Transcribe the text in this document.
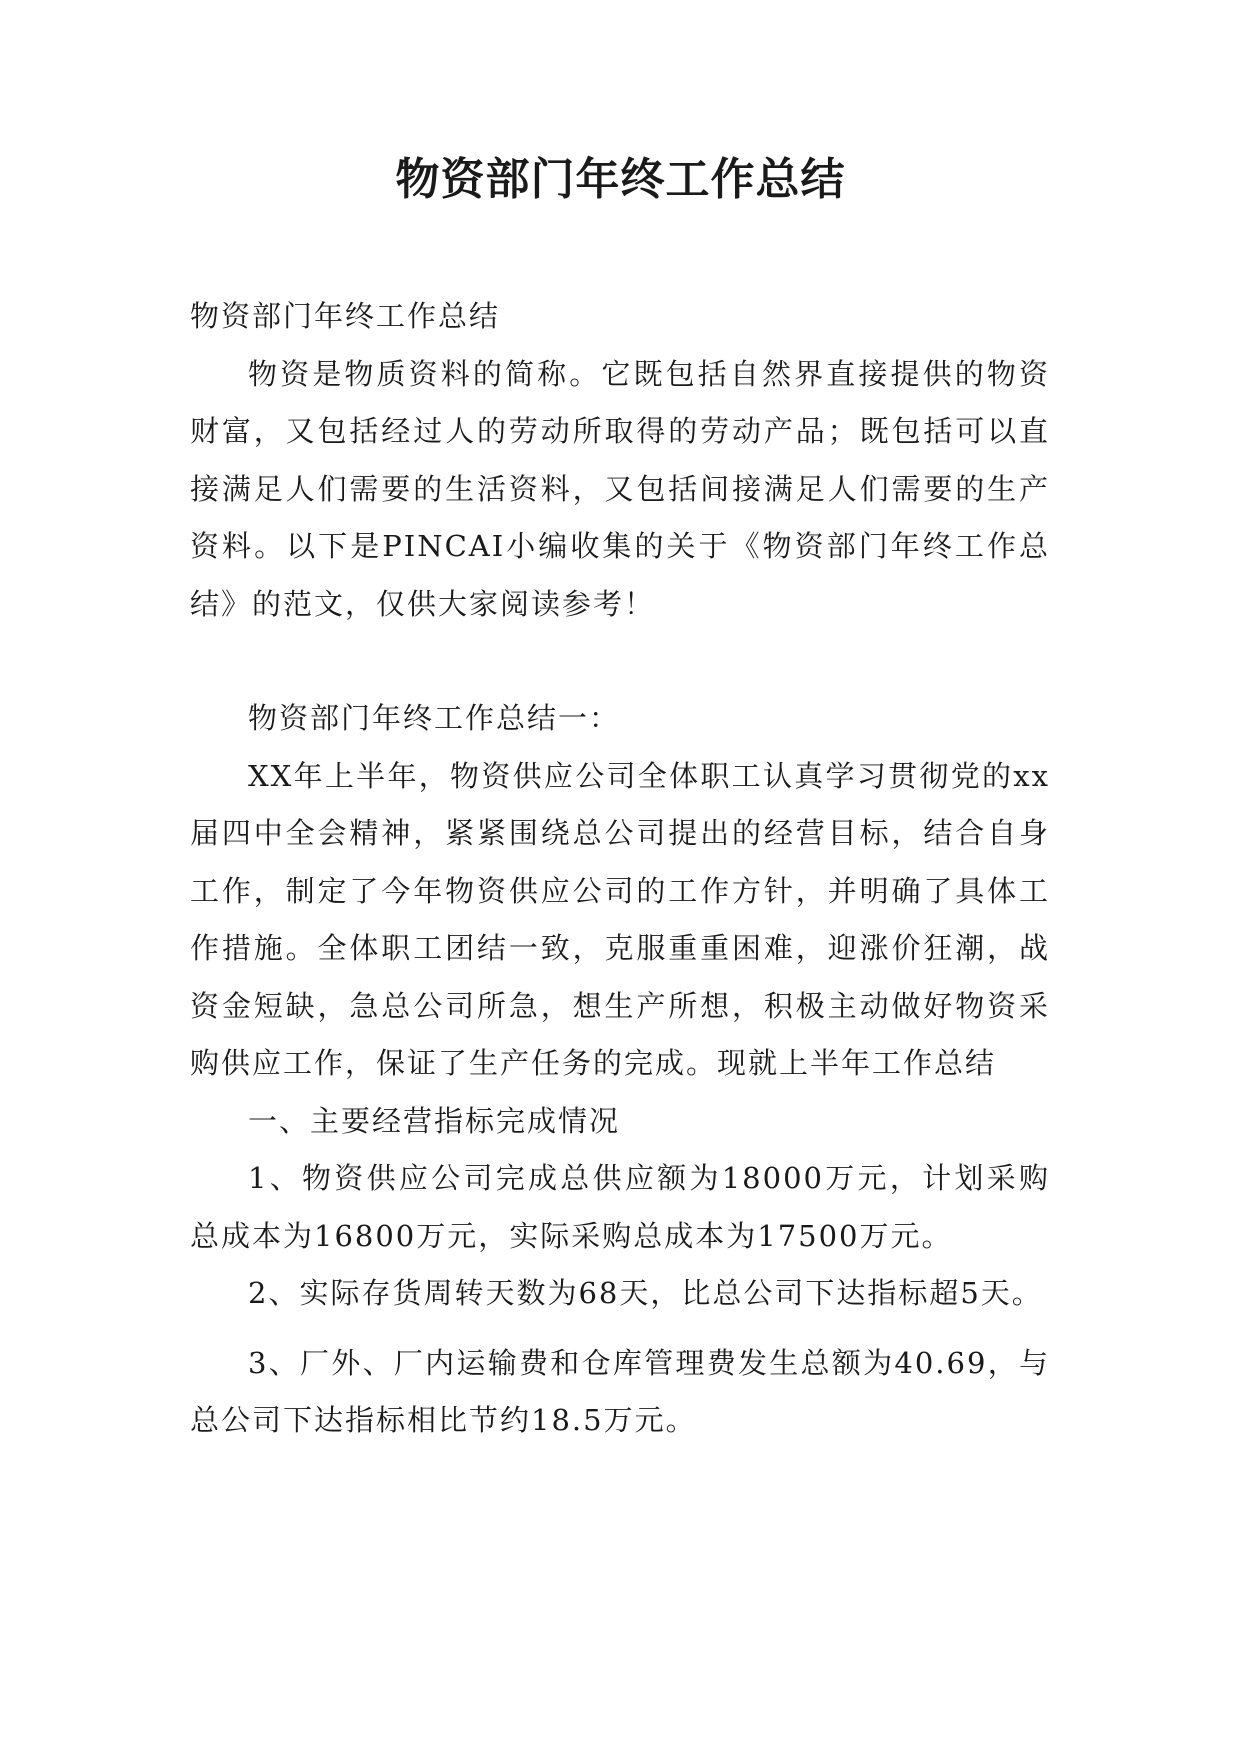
物资部门年终工作总结

物资部门年终工作总结

物资是物质资料的简称。它既包括自然界直接提供的物资财富，又包括经过人的劳动所取得的劳动产品；既包括可以直接满足人们需要的生活资料，又包括间接满足人们需要的生产资料。以下是PINCAI小编收集的关于《物资部门年终工作总结》的范文，仅供大家阅读参考！

物资部门年终工作总结一：

XX年上半年，物资供应公司全体职工认真学习贯彻党的xx届四中全会精神，紧紧围绕总公司提出的经营目标，结合自身工作，制定了今年物资供应公司的工作方针，并明确了具体工作措施。全体职工团结一致，克服重重困难，迎涨价狂潮，战资金短缺，急总公司所急，想生产所想，积极主动做好物资采购供应工作，保证了生产任务的完成。现就上半年工作总结

一、主要经营指标完成情况

1、物资供应公司完成总供应额为18000万元，计划采购总成本为16800万元，实际采购总成本为17500万元。

2、实际存货周转天数为68天，比总公司下达指标超5天。

3、厂外、厂内运输费和仓库管理费发生总额为40.69，与总公司下达指标相比节约18.5万元。
